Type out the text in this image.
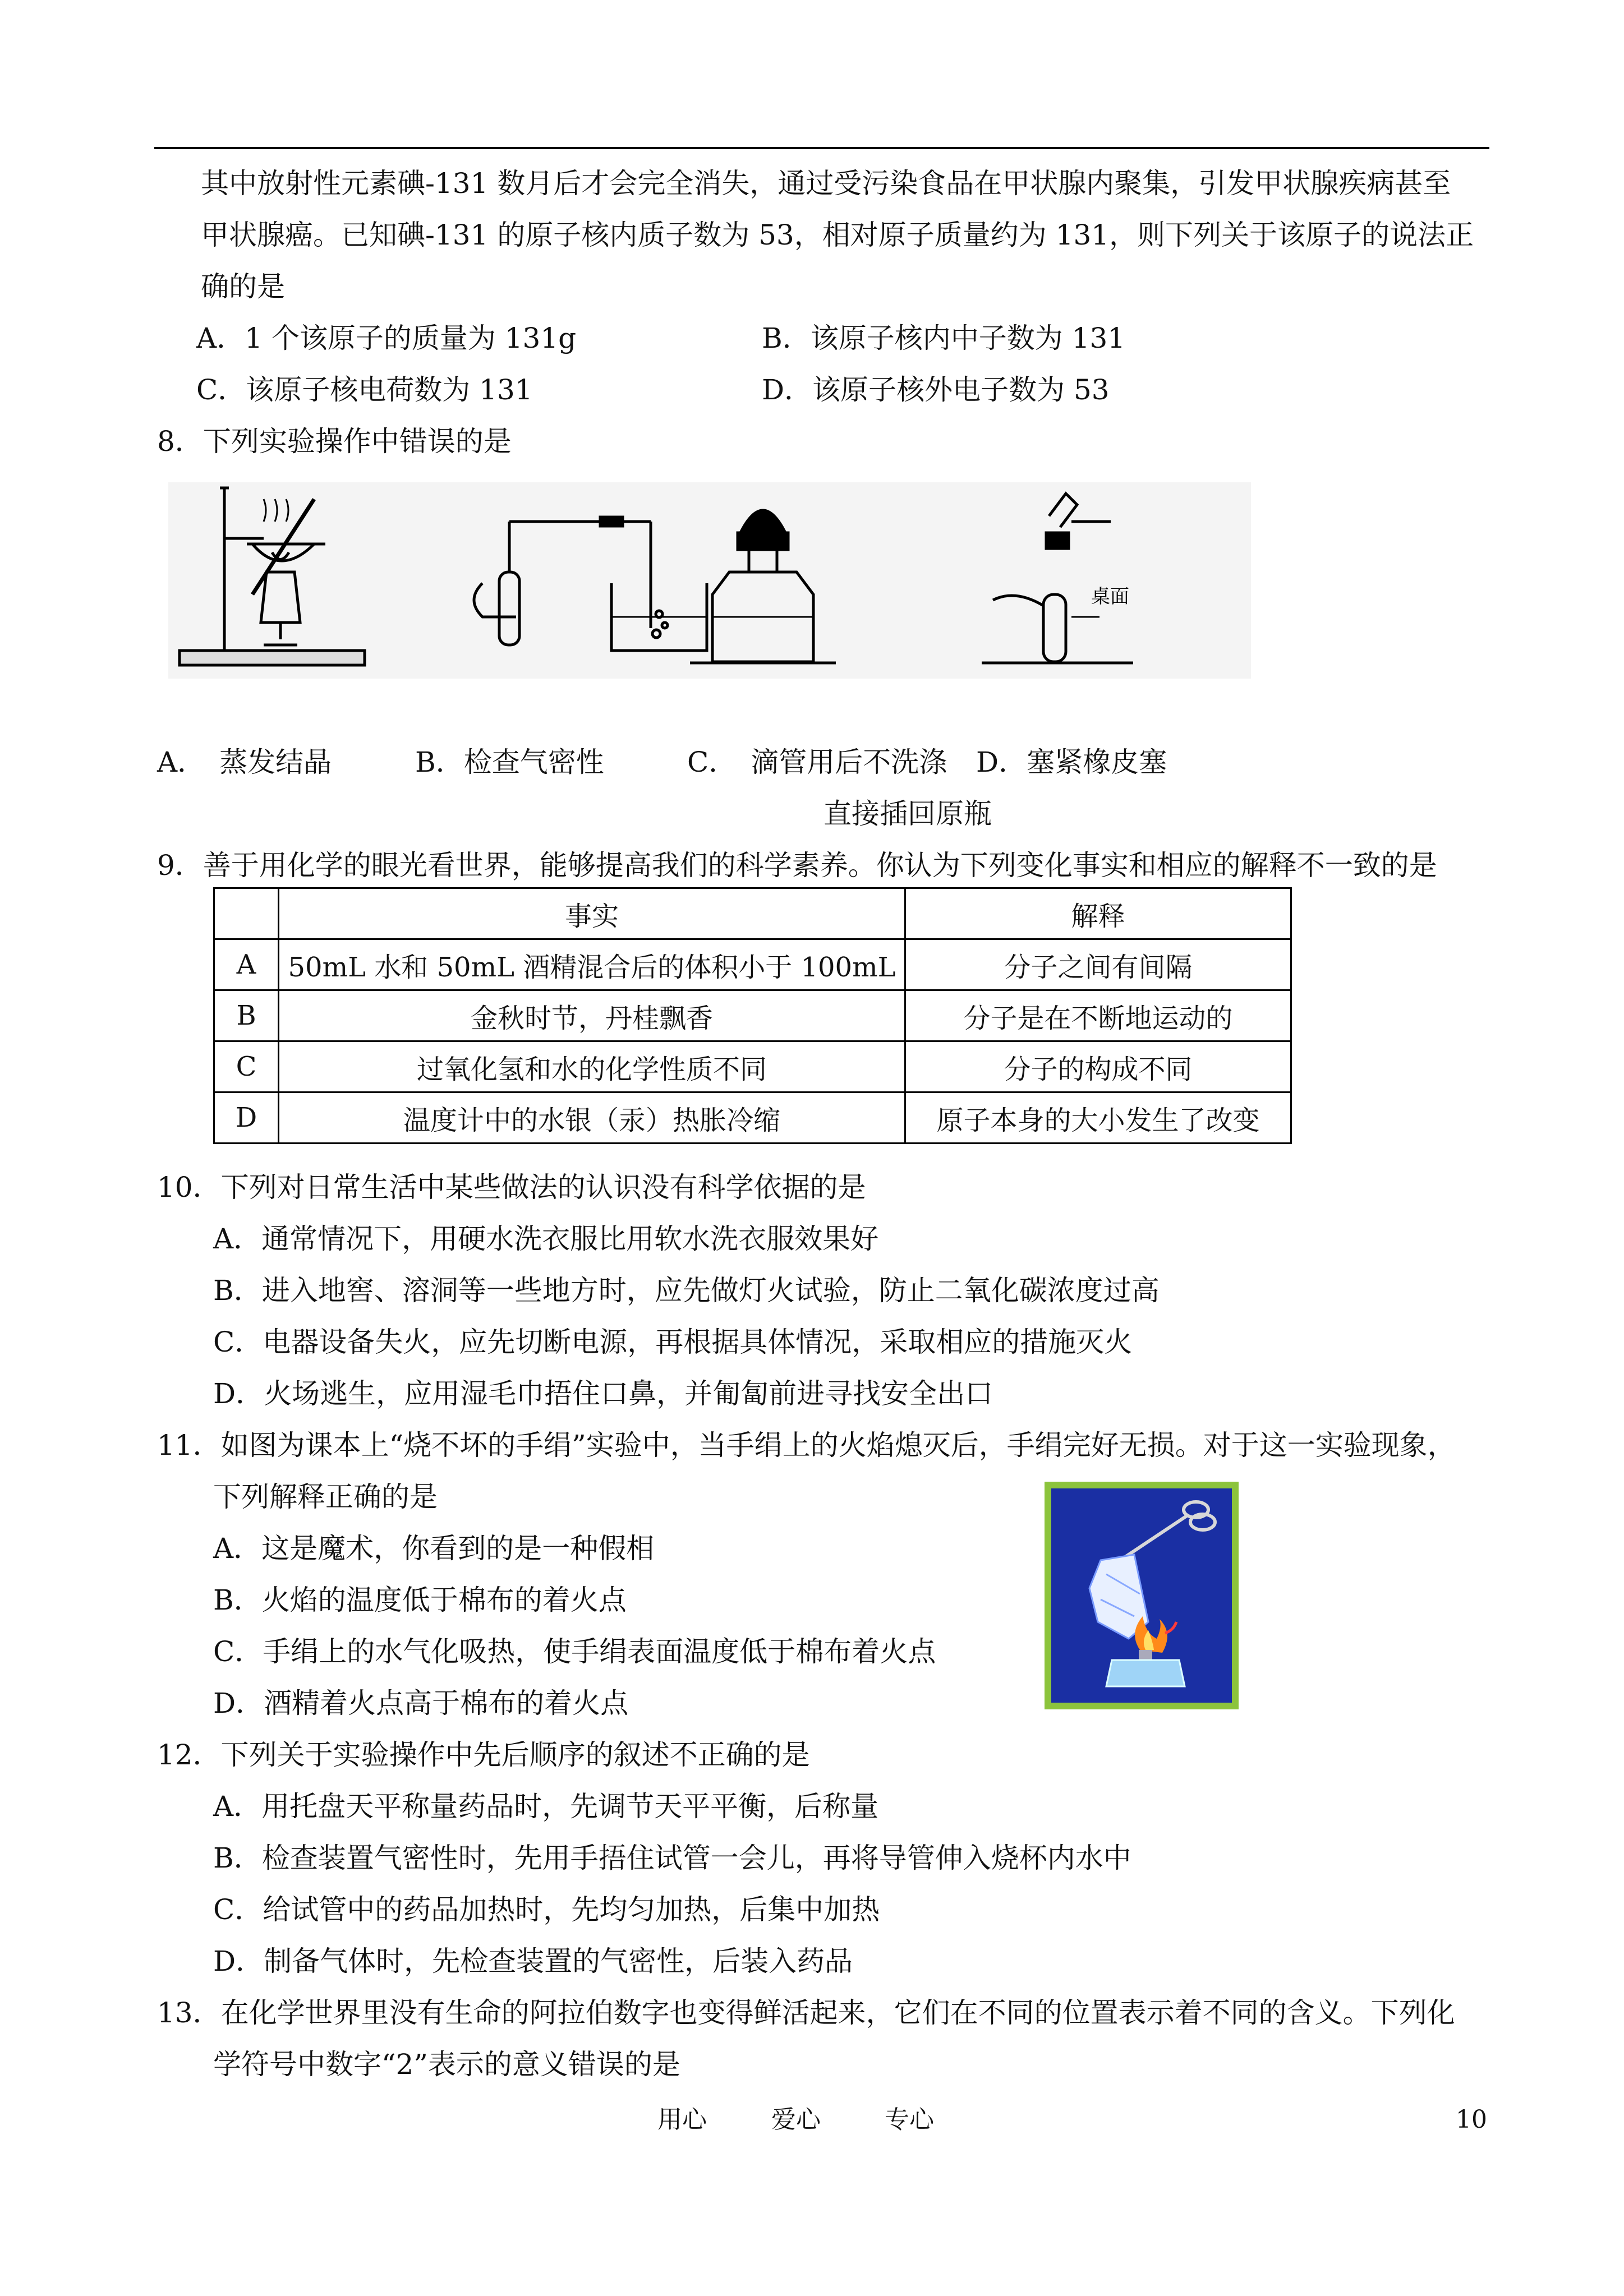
其中放射性元素碘-131 数月后才会完全消失，通过受污染食品在甲状腺内聚集，引发甲状腺疾病甚至
甲状腺癌。已知碘-131 的原子核内质子数为 53，相对原子质量约为 131，则下列关于该原子的说法正
确的是
A．1 个该原子的质量为 131g	B．该原子核内中子数为 131
C．该原子核电荷数为 131	D．该原子核外电子数为 53
8．下列实验操作中错误的是
桌面
A．　蒸发结晶	B．检查气密性	C．　滴管用后不洗涤 D．塞紧橡皮塞
直接插回原瓶
9．善于用化学的眼光看世界，能够提高我们的科学素养。你认为下列变化事实和相应的解释不一致的是
	事实	解释
A	50mL 水和 50mL 酒精混合后的体积小于 100mL	分子之间有间隔
B	金秋时节，丹桂飘香	分子是在不断地运动的
C	过氧化氢和水的化学性质不同	分子的构成不同
D	温度计中的水银（汞）热胀冷缩	原子本身的大小发生了改变
10．下列对日常生活中某些做法的认识没有科学依据的是
A．通常情况下，用硬水洗衣服比用软水洗衣服效果好
B．进入地窖、溶洞等一些地方时，应先做灯火试验，防止二氧化碳浓度过高
C．电器设备失火，应先切断电源，再根据具体情况，采取相应的措施灭火
D．火场逃生，应用湿毛巾捂住口鼻，并匍匐前进寻找安全出口
11．如图为课本上“烧不坏的手绢”实验中，当手绢上的火焰熄灭后，手绢完好无损。对于这一实验现象，
下列解释正确的是
A．这是魔术，你看到的是一种假相
B．火焰的温度低于棉布的着火点
C．手绢上的水气化吸热，使手绢表面温度低于棉布着火点
D．酒精着火点高于棉布的着火点
12．下列关于实验操作中先后顺序的叙述不正确的是
A．用托盘天平称量药品时，先调节天平平衡，后称量
B．检查装置气密性时，先用手捂住试管一会儿，再将导管伸入烧杯内水中
C．给试管中的药品加热时，先均匀加热，后集中加热
D．制备气体时，先检查装置的气密性，后装入药品
13．在化学世界里没有生命的阿拉伯数字也变得鲜活起来，它们在不同的位置表示着不同的含义。下列化
学符号中数字“2”表示的意义错误的是
用心	爱心	专心	10
